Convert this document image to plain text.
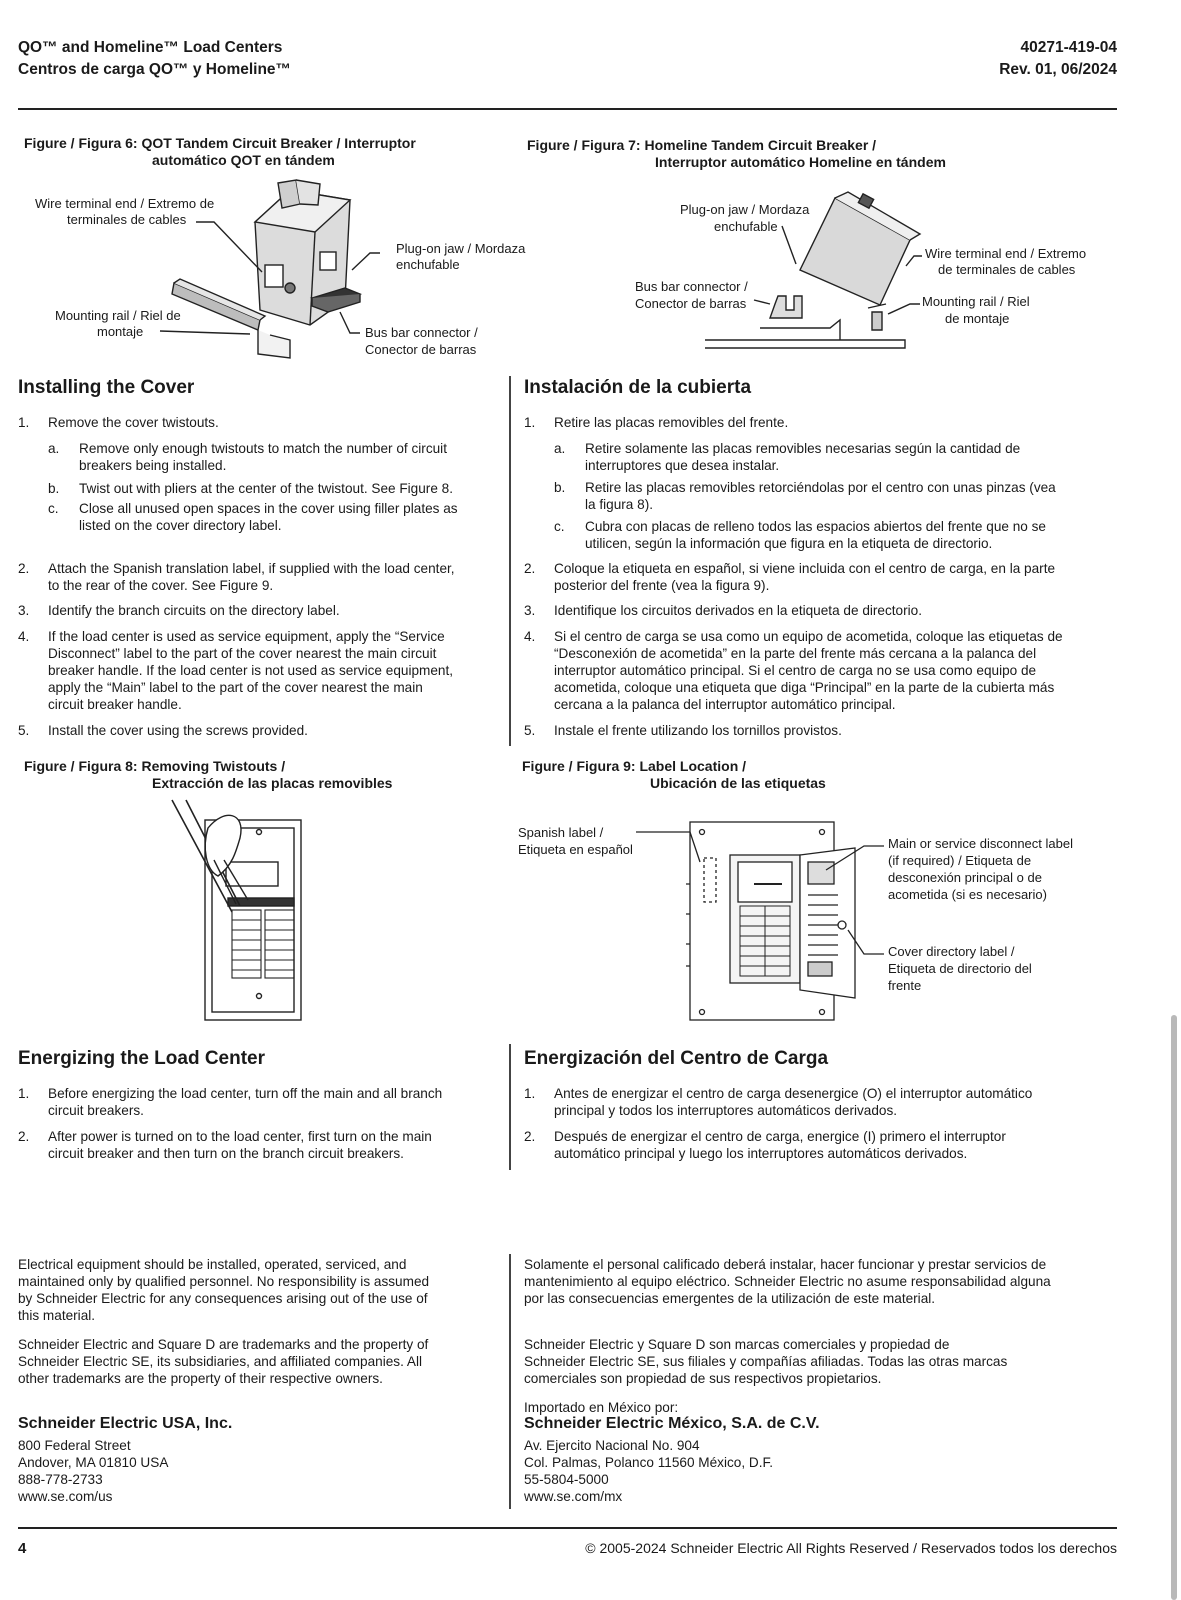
QO™ and Homeline™ Load Centers
Centros de carga QO™ y Homeline™
40271-419-04
Rev. 01, 06/2024
Figure / Figura 6: QOT Tandem Circuit Breaker / Interruptor
automático QOT en tándem
Wire terminal end / Extremo de
terminales de cables
Plug-on jaw / Mordaza
enchufable
Mounting rail / Riel de
montaje	Bus bar connector /
Conector de barras
Figure / Figura 7: Homeline Tandem Circuit Breaker /
Interruptor automático Homeline en tándem
Plug-on jaw / Mordaza
enchufable
Wire terminal end / Extremo
de terminales de cables
Bus bar connector /
Conector de barras	Mounting rail / Riel
de montaje
Installing the Cover
1. Remove the cover twistouts.
a. Remove only enough twistouts to match the number of circuit
breakers being installed.
b. Twist out with pliers at the center of the twistout. See Figure 8.
c. Close all unused open spaces in the cover using filler plates as
listed on the cover directory label.
2. Attach the Spanish translation label, if supplied with the load center,
to the rear of the cover. See Figure 9.
3. Identify the branch circuits on the directory label.
4. If the load center is used as service equipment, apply the “Service
Disconnect” label to the part of the cover nearest the main circuit
breaker handle. If the load center is not used as service equipment,
apply the “Main” label to the part of the cover nearest the main
circuit breaker handle.
5. Install the cover using the screws provided.
Instalación de la cubierta
1. Retire las placas removibles del frente.
a. Retire solamente las placas removibles necesarias según la cantidad de
interruptores que desea instalar.
b. Retire las placas removibles retorciéndolas por el centro con unas pinzas (vea
la figura 8).
c. Cubra con placas de relleno todos las espacios abiertos del frente que no se
utilicen, según la información que figura en la etiqueta de directorio.
2. Coloque la etiqueta en español, si viene incluida con el centro de carga, en la parte
posterior del frente (vea la figura 9).
3. Identifique los circuitos derivados en la etiqueta de directorio.
4. Si el centro de carga se usa como un equipo de acometida, coloque las etiquetas de
“Desconexión de acometida” en la parte del frente más cercana a la palanca del
interruptor automático principal. Si el centro de carga no se usa como equipo de
acometida, coloque una etiqueta que diga “Principal” en la parte de la cubierta más
cercana a la palanca del interruptor automático principal.
5. Instale el frente utilizando los tornillos provistos.
Figure / Figura 8: Removing Twistouts /
Extracción de las placas removibles
Figure / Figura 9: Label Location /
Ubicación de las etiquetas
Spanish label /
Etiqueta en español	Main or service disconnect label
(if required) / Etiqueta de
desconexión principal o de
acometida (si es necesario)
Cover directory label /
Etiqueta de directorio del
frente
Energizing the Load Center
1. Before energizing the load center, turn off the main and all branch
circuit breakers.
2. After power is turned on to the load center, first turn on the main
circuit breaker and then turn on the branch circuit breakers.
Energización del Centro de Carga
1. Antes de energizar el centro de carga desenergice (O) el interruptor automático
principal y todos los interruptores automáticos derivados.
2. Después de energizar el centro de carga, energice (I) primero el interruptor
automático principal y luego los interruptores automáticos derivados.
Electrical equipment should be installed, operated, serviced, and
maintained only by qualified personnel. No responsibility is assumed
by Schneider Electric for any consequences arising out of the use of
this material.
Schneider Electric and Square D are trademarks and the property of
Schneider Electric SE, its subsidiaries, and affiliated companies. All
other trademarks are the property of their respective owners.
Schneider Electric USA, Inc.
800 Federal Street
Andover, MA 01810 USA
888-778-2733
www.se.com/us
Solamente el personal calificado deberá instalar, hacer funcionar y prestar servicios de
mantenimiento al equipo eléctrico. Schneider Electric no asume responsabilidad alguna
por las consecuencias emergentes de la utilización de este material.
Schneider Electric y Square D son marcas comerciales y propiedad de
Schneider Electric SE, sus filiales y compañías afiliadas. Todas las otras marcas
comerciales son propiedad de sus respectivos propietarios.
Importado en México por:
Schneider Electric México, S.A. de C.V.
Av. Ejercito Nacional No. 904
Col. Palmas, Polanco 11560 México, D.F.
55-5804-5000
www.se.com/mx
4	© 2005-2024 Schneider Electric All Rights Reserved / Reservados todos los derechos
